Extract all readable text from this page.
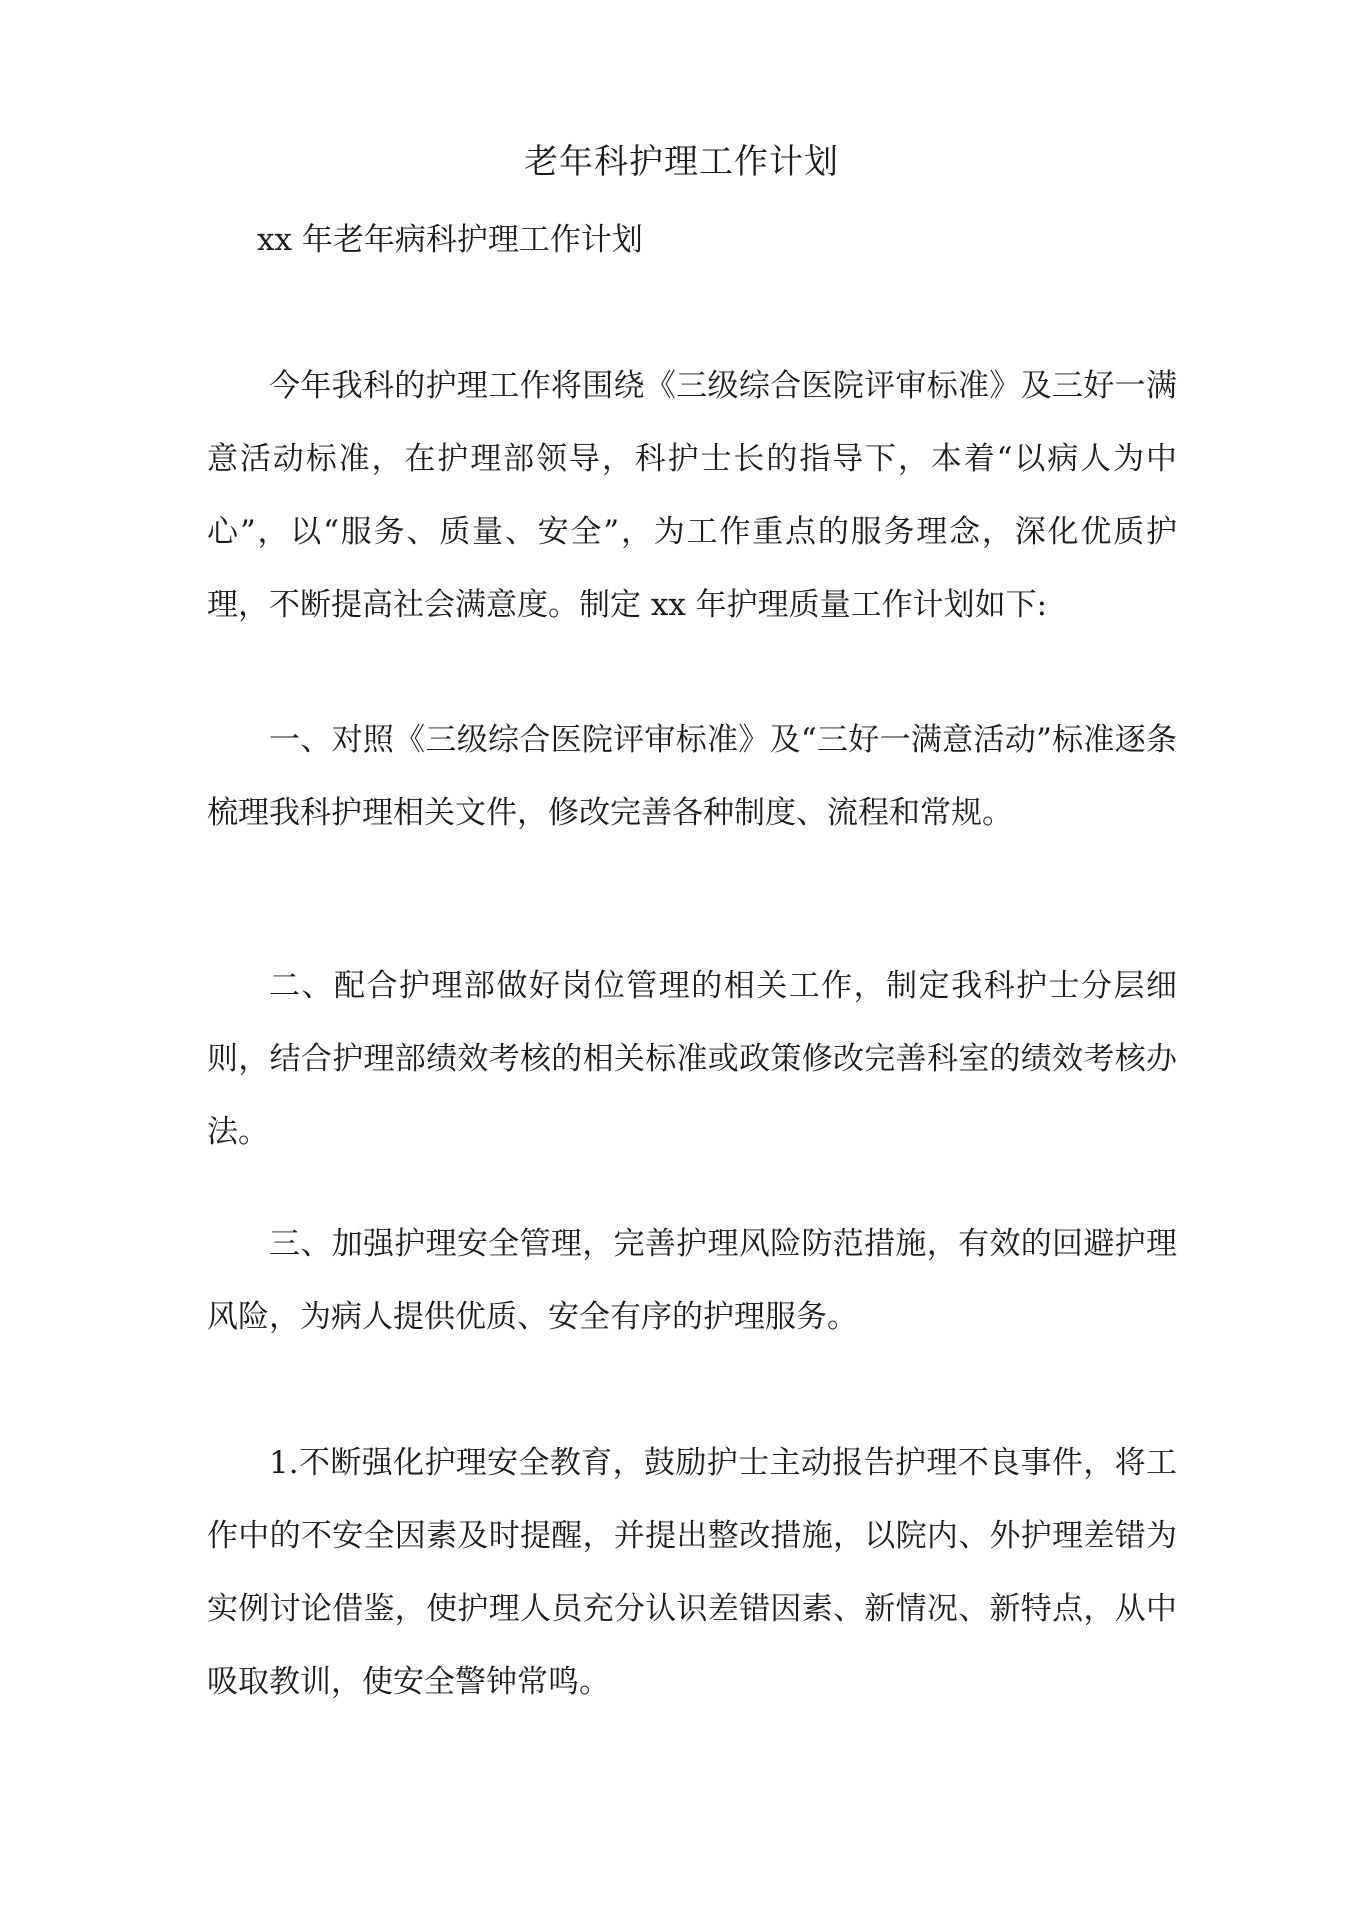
老年科护理工作计划
xx 年老年病科护理工作计划

今年我科的护理工作将围绕《三级综合医院评审标准》及三好一满意活动标准，在护理部领导，科护士长的指导下，本着“以病人为中心”，以“服务、质量、安全”，为工作重点的服务理念，深化优质护理，不断提高社会满意度。制定 xx 年护理质量工作计划如下:

一、对照《三级综合医院评审标准》及“三好一满意活动”标准逐条梳理我科护理相关文件，修改完善各种制度、流程和常规。

二、配合护理部做好岗位管理的相关工作，制定我科护士分层细则，结合护理部绩效考核的相关标准或政策修改完善科室的绩效考核办法。

三、加强护理安全管理，完善护理风险防范措施，有效的回避护理风险，为病人提供优质、安全有序的护理服务。

1.不断强化护理安全教育，鼓励护士主动报告护理不良事件，将工作中的不安全因素及时提醒，并提出整改措施，以院内、外护理差错为实例讨论借鉴，使护理人员充分认识差错因素、新情况、新特点，从中吸取教训，使安全警钟常鸣。
